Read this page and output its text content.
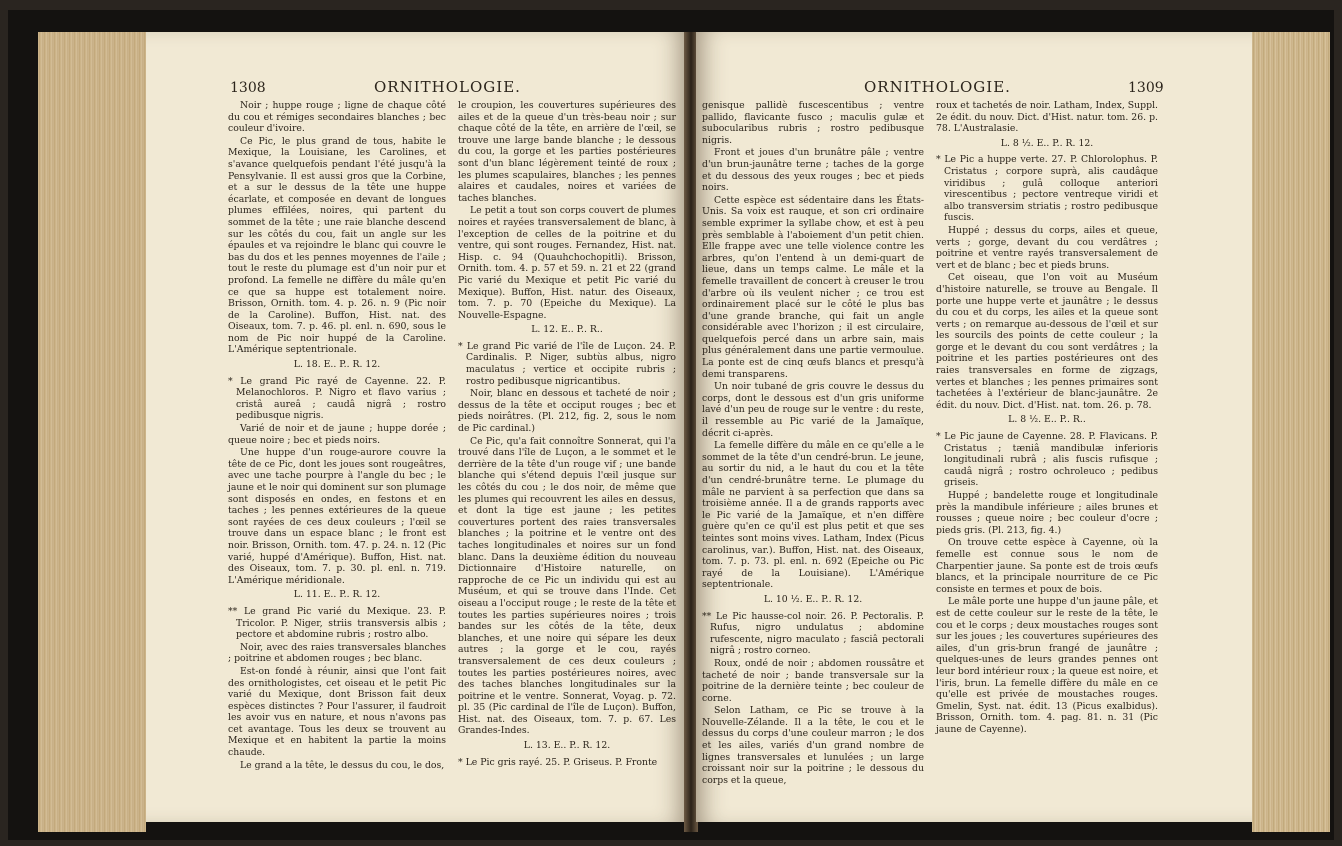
1308	ORNITHOLOGIE.

Noir ; huppe rouge ; ligne de chaque côté du cou et rémiges secondaires blanches ; bec couleur d'ivoire.

Ce Pic, le plus grand de tous, habite le Mexique, la Louisiane, les Carolines, et s'avance quelquefois pendant l'été jusqu'à la Pensylvanie. Il est aussi gros que la Corbine, et a sur le dessus de la tête une huppe écarlate, et composée en devant de longues plumes effilées, noires, qui partent du sommet de la tête ; une raie blanche descend sur les côtés du cou, fait un angle sur les épaules et va rejoindre le blanc qui couvre le bas du dos et les pennes moyennes de l'aile ; tout le reste du plumage est d'un noir pur et profond. La femelle ne diffère du mâle qu'en ce que sa huppe est totalement noire. Brisson, Ornith. tom. 4. p. 26. n. 9 (Pic noir de la Caroline). Buffon, Hist. nat. des Oiseaux, tom. 7. p. 46. pl. enl. n. 690, sous le nom de Pic noir huppé de la Caroline. L'Amérique septentrionale.

L. 18. E.. P.. R. 12.

* Le grand Pic rayé de Cayenne. 22. P. Melanochloros. P. Nigro et flavo varius ; cristâ aureâ ; caudâ nigrâ ; rostro pedibusque nigris.

Varié de noir et de jaune ; huppe dorée ; queue noire ; bec et pieds noirs.

Une huppe d'un rouge-aurore couvre la tête de ce Pic, dont les joues sont rougeâtres, avec une tache pourpre à l'angle du bec ; le jaune et le noir qui dominent sur son plumage sont disposés en ondes, en festons et en taches ; les pennes extérieures de la queue sont rayées de ces deux couleurs ; l'œil se trouve dans un espace blanc ; le front est noir. Brisson, Ornith. tom. 47. p. 24. n. 12 (Pic varié, huppé d'Amérique). Buffon, Hist. nat. des Oiseaux, tom. 7. p. 30. pl. enl. n. 719. L'Amérique méridionale.

L. 11. E.. P.. R. 12.

** Le grand Pic varié du Mexique. 23. P. Tricolor. P. Niger, striis transversis albis ; pectore et abdomine rubris ; rostro albo.

Noir, avec des raies transversales blanches ; poitrine et abdomen rouges ; bec blanc.

Est-on fondé à réunir, ainsi que l'ont fait des ornithologistes, cet oiseau et le petit Pic varié du Mexique, dont Brisson fait deux espèces distinctes ? Pour l'assurer, il faudroit les avoir vus en nature, et nous n'avons pas cet avantage. Tous les deux se trouvent au Mexique et en habitent la partie la moins chaude.

Le grand a la tête, le dessus du cou, le dos,

le croupion, les couvertures supérieures des ailes et de la queue d'un très-beau noir ; sur chaque côté de la tête, en arrière de l'œil, se trouve une large bande blanche ; le dessous du cou, la gorge et les parties postérieures sont d'un blanc légèrement teinté de roux ; les plumes scapulaires, blanches ; les pennes alaires et caudales, noires et variées de taches blanches.

Le petit a tout son corps couvert de plumes noires et rayées transversalement de blanc, à l'exception de celles de la poitrine et du ventre, qui sont rouges. Fernandez, Hist. nat. Hisp. c. 94 (Quauhchochopitli). Brisson, Ornith. tom. 4. p. 57 et 59. n. 21 et 22 (grand Pic varié du Mexique et petit Pic varié du Mexique). Buffon, Hist. natur. des Oiseaux, tom. 7. p. 70 (Epeiche du Mexique). La Nouvelle-Espagne.

L. 12. E.. P.. R..

* Le grand Pic varié de l'île de Luçon. 24. P. Cardinalis. P. Niger, subtùs albus, nigro maculatus ; vertice et occipite rubris ; rostro pedibusque nigricantibus.

Noir, blanc en dessous et tacheté de noir ; dessus de la tête et occiput rouges ; bec et pieds noirâtres. (Pl. 212, fig. 2, sous le nom de Pic cardinal.)

Ce Pic, qu'a fait connoître Sonnerat, qui l'a trouvé dans l'île de Luçon, a le sommet et le derrière de la tête d'un rouge vif ; une bande blanche qui s'étend depuis l'œil jusque sur les côtés du cou ; le dos noir, de même que les plumes qui recouvrent les ailes en dessus, et dont la tige est jaune ; les petites couvertures portent des raies transversales blanches ; la poitrine et le ventre ont des taches longitudinales et noires sur un fond blanc. Dans la deuxième édition du nouveau Dictionnaire d'Histoire naturelle, on rapproche de ce Pic un individu qui est au Muséum, et qui se trouve dans l'Inde. Cet oiseau a l'occiput rouge ; le reste de la tête et toutes les parties supérieures noires ; trois bandes sur les côtés de la tête, deux blanches, et une noire qui sépare les deux autres ; la gorge et le cou, rayés transversalement de ces deux couleurs ; toutes les parties postérieures noires, avec des taches blanches longitudinales sur la poitrine et le ventre. Sonnerat, Voyag. p. 72. pl. 35 (Pic cardinal de l'île de Luçon). Buffon, Hist. nat. des Oiseaux, tom. 7. p. 67. Les Grandes-Indes.

L. 13. E.. P.. R. 12.

* Le Pic gris rayé. 25. P. Griseus. P. Fronte

ORNITHOLOGIE.	1309

genisque pallidè fuscescentibus ; ventre pallido, flavicante fusco ; maculis gulæ et subocularibus rubris ; rostro pedibusque nigris.

Front et joues d'un brunâtre pâle ; ventre d'un brun-jaunâtre terne ; taches de la gorge et du dessous des yeux rouges ; bec et pieds noirs.

Cette espèce est sédentaire dans les États-Unis. Sa voix est rauque, et son cri ordinaire semble exprimer la syllabe chow, et est à peu près semblable à l'aboiement d'un petit chien. Elle frappe avec une telle violence contre les arbres, qu'on l'entend à un demi-quart de lieue, dans un temps calme. Le mâle et la femelle travaillent de concert à creuser le trou d'arbre où ils veulent nicher ; ce trou est ordinairement placé sur le côté le plus bas d'une grande branche, qui fait un angle considérable avec l'horizon ; il est circulaire, quelquefois percé dans un arbre sain, mais plus généralement dans une partie vermoulue. La ponte est de cinq œufs blancs et presqu'à demi transparens.

Un noir tubané de gris couvre le dessus du corps, dont le dessous est d'un gris uniforme lavé d'un peu de rouge sur le ventre : du reste, il ressemble au Pic varié de la Jamaïque, décrit ci-après.

La femelle diffère du mâle en ce qu'elle a le sommet de la tête d'un cendré-brun. Le jeune, au sortir du nid, a le haut du cou et la tête d'un cendré-brunâtre terne. Le plumage du mâle ne parvient à sa perfection que dans sa troisième année. Il a de grands rapports avec le Pic varié de la Jamaïque, et n'en diffère guère qu'en ce qu'il est plus petit et que ses teintes sont moins vives. Latham, Index (Picus carolinus, var.). Buffon, Hist. nat. des Oiseaux, tom. 7. p. 73. pl. enl. n. 692 (Epeiche ou Pic rayé de la Louisiane). L'Amérique septentrionale.

L. 10 ½. E.. P.. R. 12.

** Le Pic hausse-col noir. 26. P. Pectoralis. P. Rufus, nigro undulatus ; abdomine rufescente, nigro maculato ; fasciâ pectorali nigrâ ; rostro corneo.

Roux, ondé de noir ; abdomen roussâtre et tacheté de noir ; bande transversale sur la poitrine de la dernière teinte ; bec couleur de corne.

Selon Latham, ce Pic se trouve à la Nouvelle-Zélande. Il a la tête, le cou et le dessus du corps d'une couleur marron ; le dos et les ailes, variés d'un grand nombre de lignes transversales et lunulées ; un large croissant noir sur la poitrine ; le dessous du corps et la queue,

roux et tachetés de noir. Latham, Index, Suppl. 2e édit. du nouv. Dict. d'Hist. natur. tom. 26. p. 78. L'Australasie.

L. 8 ½. E.. P.. R. 12.

* Le Pic a huppe verte. 27. P. Chlorolophus. P. Cristatus ; corpore suprà, alis caudâque viridibus ; gulâ colloque anteriori virescentibus ; pectore ventreque viridi et albo transversim striatis ; rostro pedibusque fuscis.

Huppé ; dessus du corps, ailes et queue, verts ; gorge, devant du cou verdâtres ; poitrine et ventre rayés transversalement de vert et de blanc ; bec et pieds bruns.

Cet oiseau, que l'on voit au Muséum d'histoire naturelle, se trouve au Bengale. Il porte une huppe verte et jaunâtre ; le dessus du cou et du corps, les ailes et la queue sont verts ; on remarque au-dessous de l'œil et sur les sourcils des points de cette couleur ; la gorge et le devant du cou sont verdâtres ; la poitrine et les parties postérieures ont des raies transversales en forme de zigzags, vertes et blanches ; les pennes primaires sont tachetées à l'extérieur de blanc-jaunâtre. 2e édit. du nouv. Dict. d'Hist. nat. tom. 26. p. 78.

L. 8 ½. E.. P.. R..

* Le Pic jaune de Cayenne. 28. P. Flavicans. P. Cristatus ; tæniâ mandibulæ inferioris longitudinali rubrâ ; alis fuscis rufisque ; caudâ nigrâ ; rostro ochroleuco ; pedibus griseis.

Huppé ; bandelette rouge et longitudinale près la mandibule inférieure ; ailes brunes et rousses ; queue noire ; bec couleur d'ocre ; pieds gris. (Pl. 213, fig. 4.)

On trouve cette espèce à Cayenne, où la femelle est connue sous le nom de Charpentier jaune. Sa ponte est de trois œufs blancs, et la principale nourriture de ce Pic consiste en termes et poux de bois.

Le mâle porte une huppe d'un jaune pâle, et est de cette couleur sur le reste de la tête, le cou et le corps ; deux moustaches rouges sont sur les joues ; les couvertures supérieures des ailes, d'un gris-brun frangé de jaunâtre ; quelques-unes de leurs grandes pennes ont leur bord intérieur roux ; la queue est noire, et l'iris, brun. La femelle diffère du mâle en ce qu'elle est privée de moustaches rouges. Gmelin, Syst. nat. édit. 13 (Picus exalbidus). Brisson, Ornith. tom. 4. pag. 81. n. 31 (Pic jaune de Cayenne).
